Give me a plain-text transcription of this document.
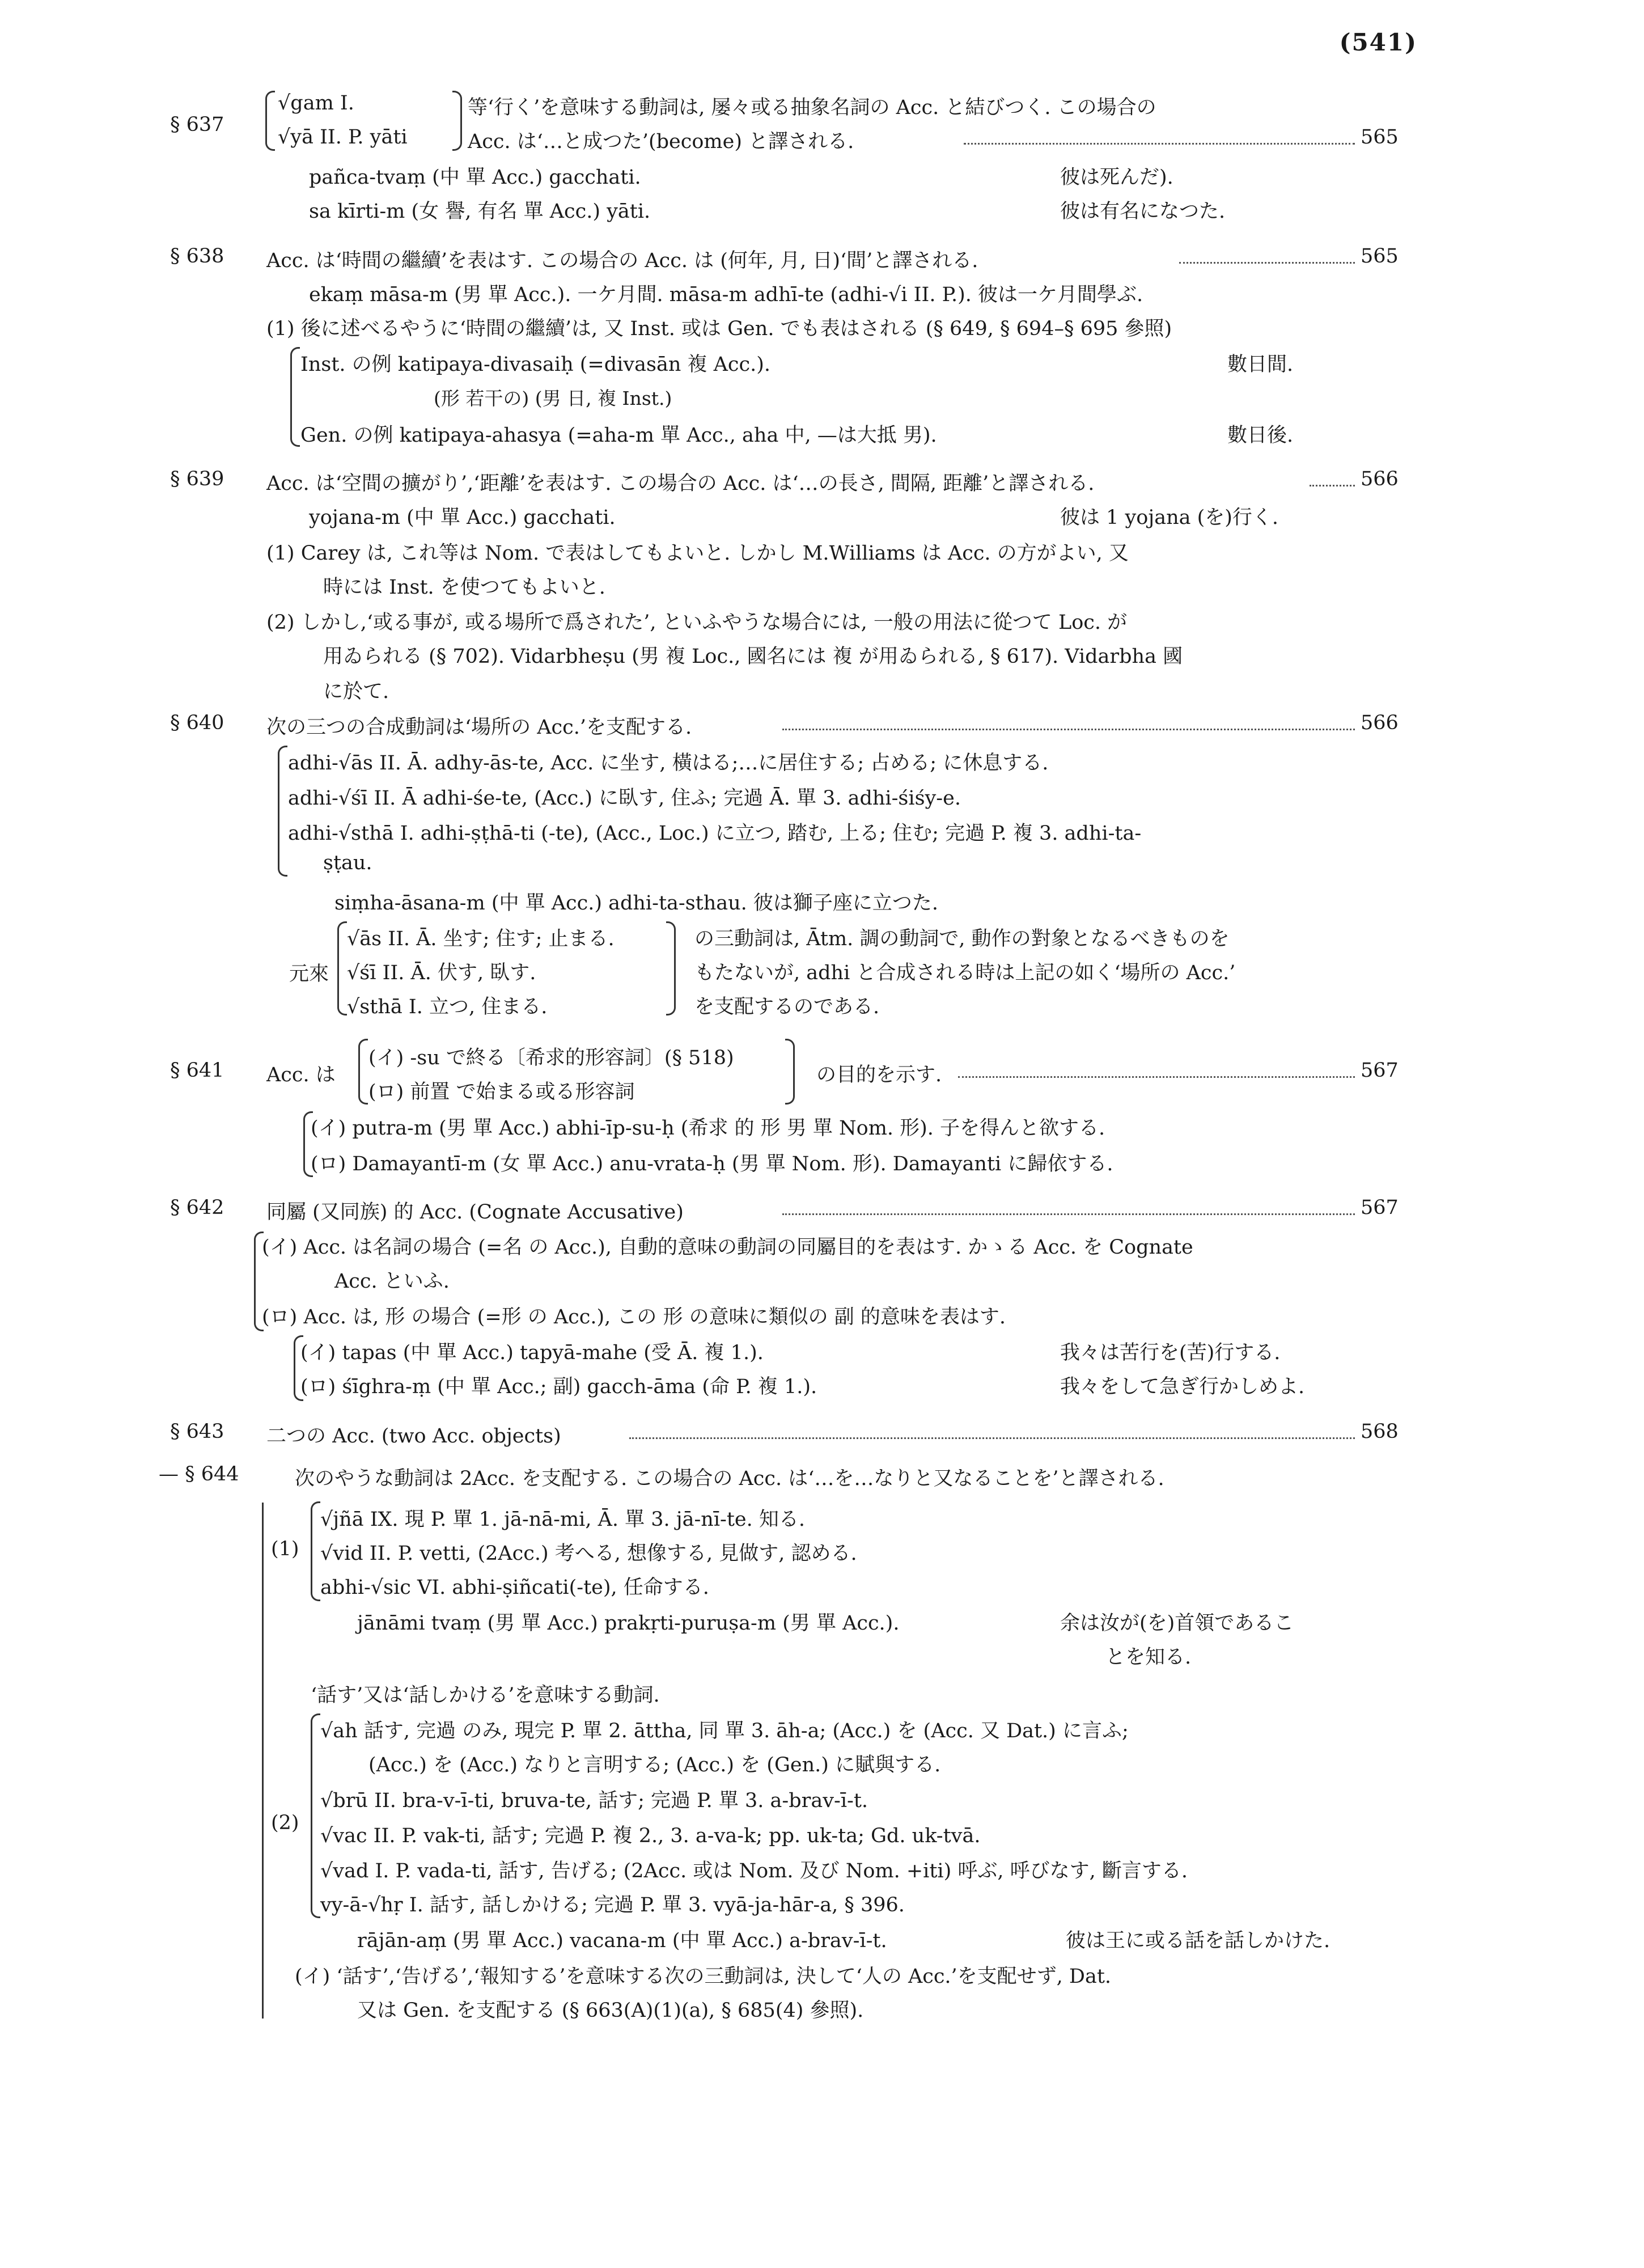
(541)
§ 637
√gam I.
√yā II. P. yāti
等‘行く’を意味する動詞は, 屡々或る抽象名詞の Acc. と結びつく. この場合の
Acc. は‘…と成つた’(become) と譯される.	565
pañca-tvaṃ (中 單 Acc.) gacchati.	彼は死んだ).
sa kīrti-m (女 譽, 有名 單 Acc.) yāti.	彼は有名になつた.
§ 638 Acc. は‘時間の繼續’を表はす. この場合の Acc. は (何年, 月, 日)‘間’と譯される.	565
ekaṃ māsa-m (男 單 Acc.). 一ケ月間. māsa-m adhī-te (adhi-√i II. P.). 彼は一ケ月間學ぶ.
(1) 後に述べるやうに‘時間の繼續’は, 又 Inst. 或は Gen. でも表はされる (§ 649, § 694–§ 695 參照)
Inst. の例 katipaya-divasaiḥ (=divasān 複 Acc.).	數日間.
(形 若干の) (男 日, 複 Inst.)
Gen. の例 katipaya-ahasya (=aha-m 單 Acc., aha 中, —は大抵 男).	數日後.
§ 639 Acc. は‘空間の擴がり’,‘距離’を表はす. この場合の Acc. は‘…の長さ, 間隔, 距離’と譯される.	566
yojana-m (中 單 Acc.) gacchati.	彼は 1 yojana (を)行く.
(1) Carey は, これ等は Nom. で表はしてもよいと. しかし M.Williams は Acc. の方がよい, 又
時には Inst. を使つてもよいと.
(2) しかし,‘或る事が, 或る場所で爲された’, といふやうな場合には, 一般の用法に從つて Loc. が
用ゐられる (§ 702). Vidarbheṣu (男 複 Loc., 國名には 複 が用ゐられる, § 617). Vidarbha 國
に於て.
§ 640 次の三つの合成動詞は‘場所の Acc.’を支配する.	566
adhi-√ās II. Ā. adhy-ās-te, Acc. に坐す, 橫はる;…に居住する; 占める; に休息する.
adhi-√śī II. Ā adhi-śe-te, (Acc.) に臥す, 住ふ; 完過 Ā. 單 3. adhi-śiśy-e.
adhi-√sthā I. adhi-ṣṭhā-ti (-te), (Acc., Loc.) に立つ, 踏む, 上る; 住む; 完過 P. 複 3. adhi-ta-
ṣṭau.
siṃha-āsana-m (中 單 Acc.) adhi-ta-sthau. 彼は獅子座に立つた.
元來
√ās II. Ā. 坐す; 住す; 止まる.
√śī II. Ā. 伏す, 臥す.
√sthā I. 立つ, 住まる.
の三動詞は, Ātm. 調の動詞で, 動作の對象となるべきものを
もたないが, adhi と合成される時は上記の如く‘場所の Acc.’
を支配するのである.
§ 641 Acc. は
(イ) -su で終る〔希求的形容詞〕(§ 518)
(ロ) 前置 で始まる或る形容詞
の目的を示す.	567
(イ) putra-m (男 單 Acc.) abhi-īp-su-ḥ (希求 的 形 男 單 Nom. 形). 子を得んと欲する.
(ロ) Damayantī-m (女 單 Acc.) anu-vrata-ḥ (男 單 Nom. 形). Damayanti に歸依する.
§ 642 同屬 (又同族) 的 Acc. (Cognate Accusative)	567
(イ) Acc. は名詞の場合 (=名 の Acc.), 自動的意味の動詞の同屬目的を表はす. かゝる Acc. を Cognate
Acc. といふ.
(ロ) Acc. は, 形 の場合 (=形 の Acc.), この 形 の意味に類似の 副 的意味を表はす.
(イ) tapas (中 單 Acc.) tapyā-mahe (受 Ā. 複 1.).	我々は苦行を(苦)行する.
(ロ) śīghra-ṃ (中 單 Acc.; 副) gacch-āma (命 P. 複 1.).	我々をして急ぎ行かしめよ.
§ 643 二つの Acc. (two Acc. objects)	568
— § 644	次のやうな動詞は 2Acc. を支配する. この場合の Acc. は‘…を…なりと又なることを’と譯される.
(1)
√jñā IX. 現 P. 單 1. jā-nā-mi, Ā. 單 3. jā-nī-te. 知る.
√vid II. P. vetti, (2Acc.) 考へる, 想像する, 見做す, 認める.
abhi-√sic VI. abhi-ṣiñcati(-te), 任命する.
jānāmi tvaṃ (男 單 Acc.) prakṛti-puruṣa-m (男 單 Acc.).	余は汝が(を)首領であるこ
とを知る.
‘話す’又は‘話しかける’を意味する動詞.
(2)
√ah 話す, 完過 のみ, 現完 P. 單 2. āttha, 同 單 3. āh-a; (Acc.) を (Acc. 又 Dat.) に言ふ;
(Acc.) を (Acc.) なりと言明する; (Acc.) を (Gen.) に賦與する.
√brū II. bra-v-ī-ti, bruva-te, 話す; 完過 P. 單 3. a-brav-ī-t.
√vac II. P. vak-ti, 話す; 完過 P. 複 2., 3. a-va-k; pp. uk-ta; Gd. uk-tvā.
√vad I. P. vada-ti, 話す, 告げる; (2Acc. 或は Nom. 及び Nom. +iti) 呼ぶ, 呼びなす, 斷言する.
vy-ā-√hṛ I. 話す, 話しかける; 完過 P. 單 3. vyā-ja-hār-a, § 396.
rājān-aṃ (男 單 Acc.) vacana-m (中 單 Acc.) a-brav-ī-t.	彼は王に或る話を話しかけた.
(イ) ‘話す’,‘告げる’,‘報知する’を意味する次の三動詞は, 決して‘人の Acc.’を支配せず, Dat.
又は Gen. を支配する (§ 663(A)(1)(a), § 685(4) 參照).
